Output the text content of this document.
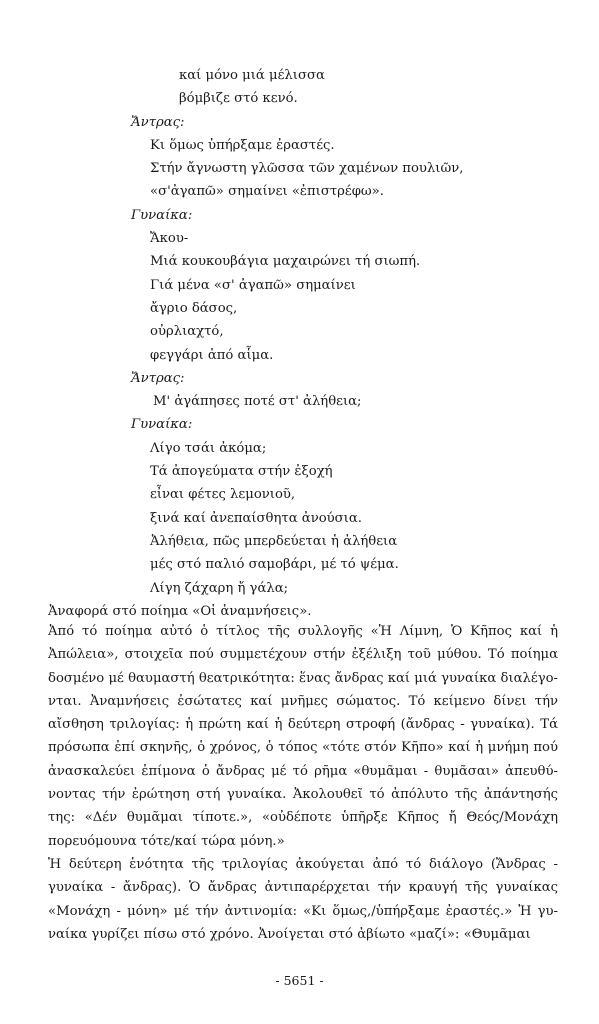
καί μόνο μιά μέλισσα
βόμβιζε στό κενό.
Ἄντρας:
Κι ὅμως ὑπήρξαμε ἐραστές.
Στήν ἄγνωστη γλῶσσα τῶν χαμένων πουλιῶν,
«σ'ἀγαπῶ» σημαίνει «ἐπιστρέφω».
Γυναίκα:
Ἄκου-
Μιά κουκουβάγια μαχαιρώνει τή σιωπή.
Γιά μένα «σ' ἀγαπῶ» σημαίνει
ἄγριο δάσος,
οὐρλιαχτό,
φεγγάρι ἀπό αἷμα.
Ἄντρας:
Μ' ἀγάπησες ποτέ στ' ἀλήθεια;
Γυναίκα:
Λίγο τσάι ἀκόμα;
Τά ἀπογεύματα στήν ἐξοχή
εἶναι φέτες λεμονιοῦ,
ξινά καί ἀνεπαίσθητα ἀνούσια.
Ἀλήθεια, πῶς μπερδεύεται ἡ ἀλήθεια
μές στό παλιό σαμοβάρι, μέ τό ψέμα.
Λίγη ζάχαρη ἤ γάλα;
Ἀναφορά στό ποίημα «Οἱ ἀναμνήσεις».

Ἀπό τό ποίημα αὐτό ὁ τίτλος τῆς συλλογῆς «Ἡ Λίμνη, Ὁ Κῆπος καί ἡ Ἀπώλεια», στοιχεῖα πού συμμετέχουν στήν ἐξέλιξη τοῦ μύθου. Τό ποίημα δοσμένο μέ θαυμαστή θεατρικότητα: ἕνας ἄνδρας καί μιά γυναίκα διαλέγονται. Ἀναμνήσεις ἐσώτατες καί μνῆμες σώματος. Τό κείμενο δίνει τήν αἴσθηση τριλογίας: ἡ πρώτη καί ἡ δεύτερη στροφή (ἄνδρας - γυναίκα). Τά πρόσωπα ἐπί σκηνῆς, ὁ χρόνος, ὁ τόπος «τότε στόν Κῆπο» καί ἡ μνήμη πού ἀνασκαλεύει ἐπίμονα ὁ ἄνδρας μέ τό ρῆμα «θυμᾶμαι - θυμᾶσαι» ἀπευθύνοντας τήν ἐρώτηση στή γυναίκα. Ἀκολουθεῖ τό ἀπόλυτο τῆς ἀπάντησής της: «Δέν θυμᾶμαι τίποτε.», «οὐδέποτε ὑπῆρξε Κῆπος ἤ Θεός/Μονάχη πορευόμουνα τότε/καί τώρα μόνη.»

Ἡ δεύτερη ἑνότητα τῆς τριλογίας ἀκούγεται ἀπό τό διάλογο (Ἄνδρας - γυναίκα - ἄνδρας). Ὁ ἄνδρας ἀντιπαρέρχεται τήν κραυγή τῆς γυναίκας «Μονάχη - μόνη» μέ τήν ἀντινομία: «Κι ὅμως,/ὑπήρξαμε ἐραστές.» Ἡ γυναίκα γυρίζει πίσω στό χρόνο. Ἀνοίγεται στό ἀβίωτο «μαζί»: «Θυμᾶμαι

- 5651 -
